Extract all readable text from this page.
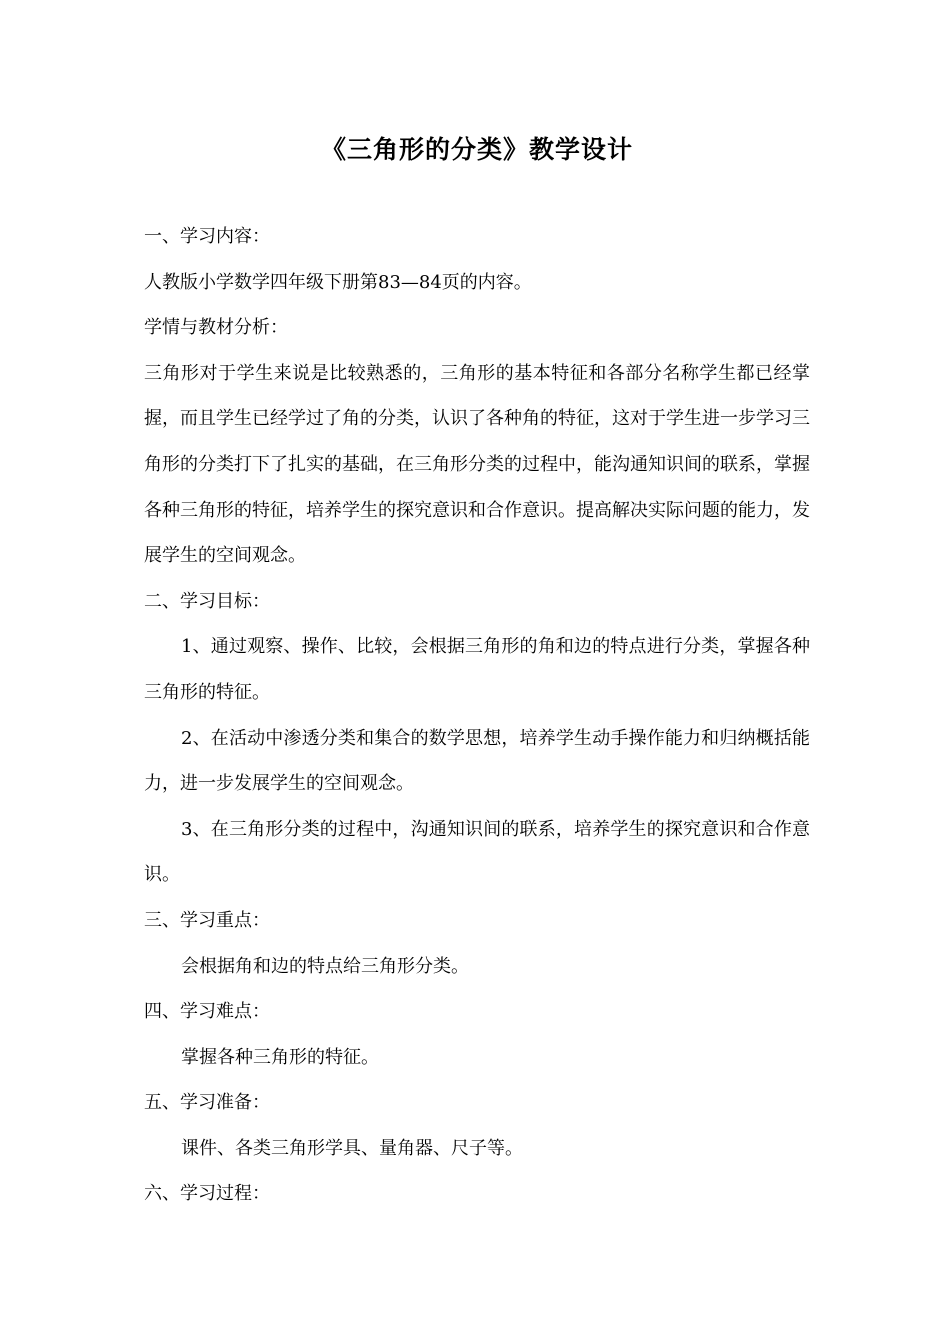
《三角形的分类》教学设计

一、学习内容：

人教版小学数学四年级下册第83—84页的内容。

学情与教材分析：

三角形对于学生来说是比较熟悉的，三角形的基本特征和各部分名称学生都已经掌握，而且学生已经学过了角的分类，认识了各种角的特征，这对于学生进一步学习三角形的分类打下了扎实的基础，在三角形分类的过程中，能沟通知识间的联系，掌握各种三角形的特征，培养学生的探究意识和合作意识。提高解决实际问题的能力，发展学生的空间观念。

二、学习目标：

1、通过观察、操作、比较，会根据三角形的角和边的特点进行分类，掌握各种三角形的特征。

2、在活动中渗透分类和集合的数学思想，培养学生动手操作能力和归纳概括能力，进一步发展学生的空间观念。

3、在三角形分类的过程中，沟通知识间的联系，培养学生的探究意识和合作意识。

三、学习重点：

会根据角和边的特点给三角形分类。

四、学习难点：

掌握各种三角形的特征。

五、学习准备：

课件、各类三角形学具、量角器、尺子等。

六、学习过程：
